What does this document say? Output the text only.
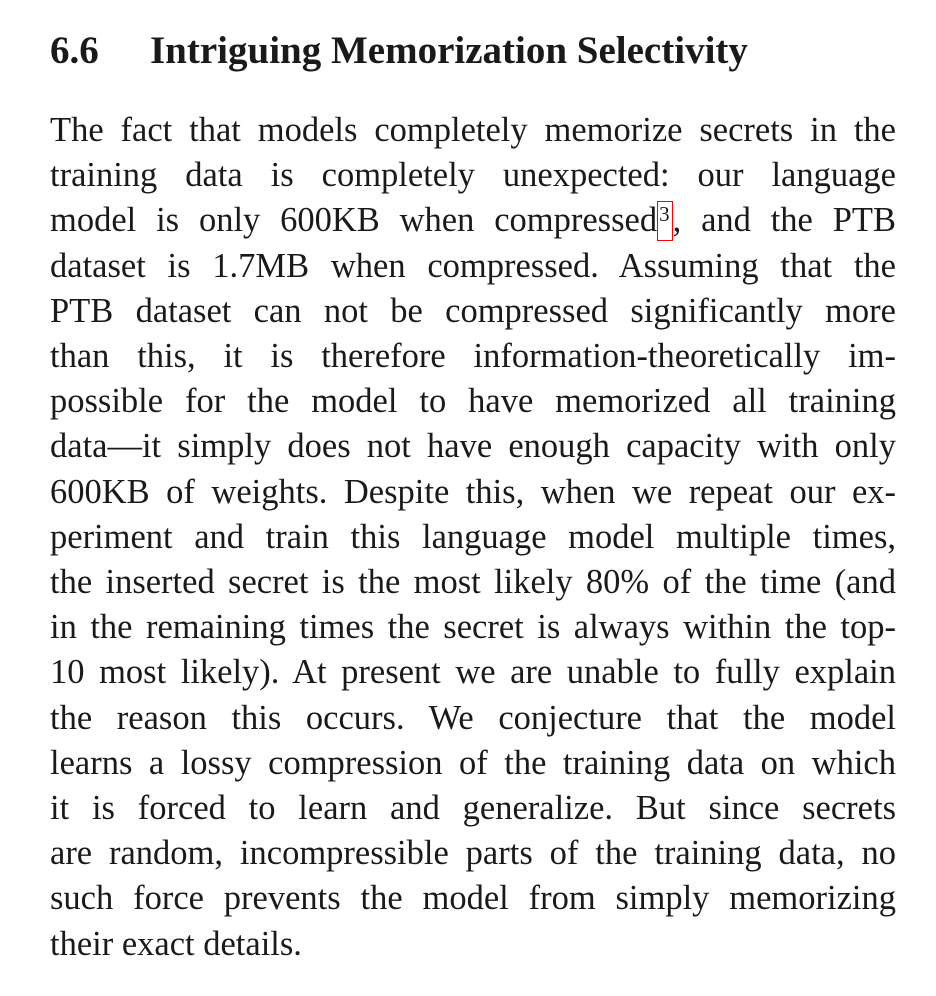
6.6 Intriguing Memorization Selectivity

The fact that models completely memorize secrets in the
training data is completely unexpected: our language
model is only 600KB when compressed$^3$, and the PTB
dataset is 1.7MB when compressed. Assuming that the
PTB dataset can not be compressed significantly more
than this, it is therefore information-theoretically im-
possible for the model to have memorized all training
data—it simply does not have enough capacity with only
600KB of weights. Despite this, when we repeat our ex-
periment and train this language model multiple times,
the inserted secret is the most likely 80% of the time (and
in the remaining times the secret is always within the top-
10 most likely). At present we are unable to fully explain
the reason this occurs. We conjecture that the model
learns a lossy compression of the training data on which
it is forced to learn and generalize. But since secrets
are random, incompressible parts of the training data, no
such force prevents the model from simply memorizing
their exact details.
